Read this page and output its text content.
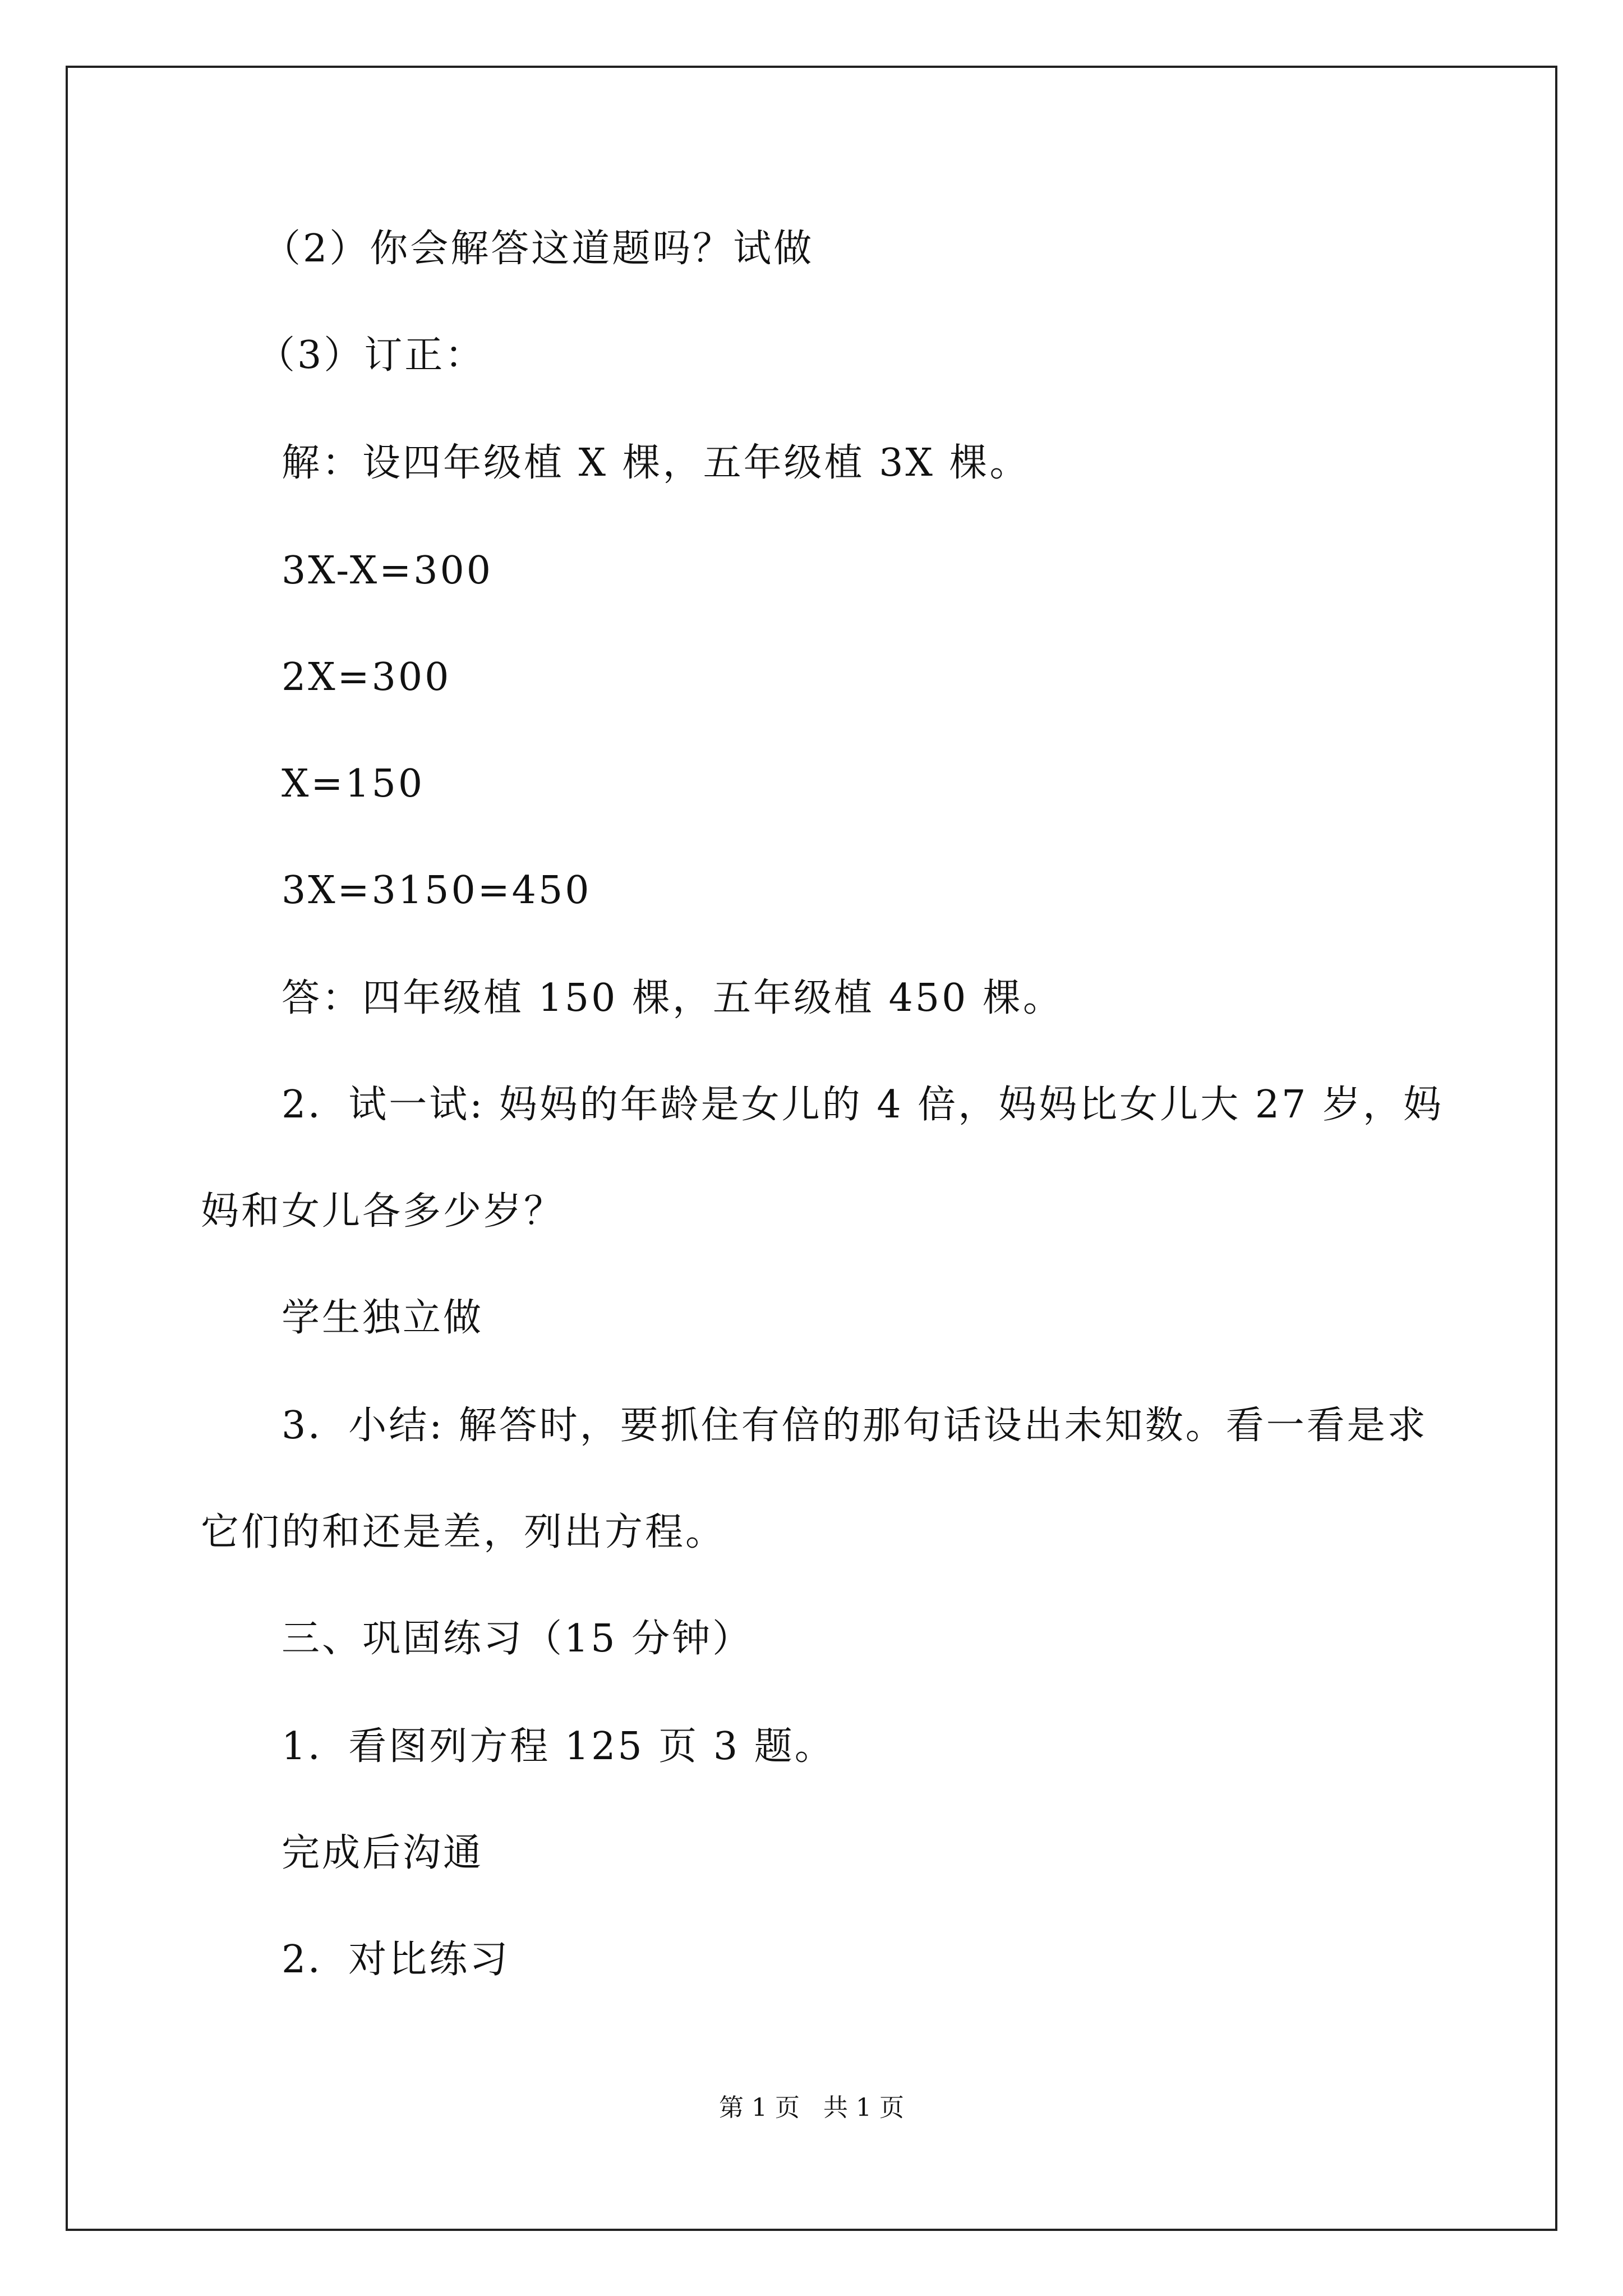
（2）你会解答这道题吗？试做
（3）订正：
解：设四年级植 X 棵，五年级植 3X 棵。
3X-X=300
2X=300
X=150
3X=3150=450
答：四年级植 150 棵，五年级植 450 棵。
2．试一试: 妈妈的年龄是女儿的 4 倍，妈妈比女儿大 27 岁，妈
妈和女儿各多少岁？
学生独立做
3．小结: 解答时，要抓住有倍的那句话设出未知数。看一看是求
它们的和还是差，列出方程。
三、巩固练习（15 分钟）
1．看图列方程 125 页 3 题。
完成后沟通
2．对比练习
第 1 页   共 1 页
